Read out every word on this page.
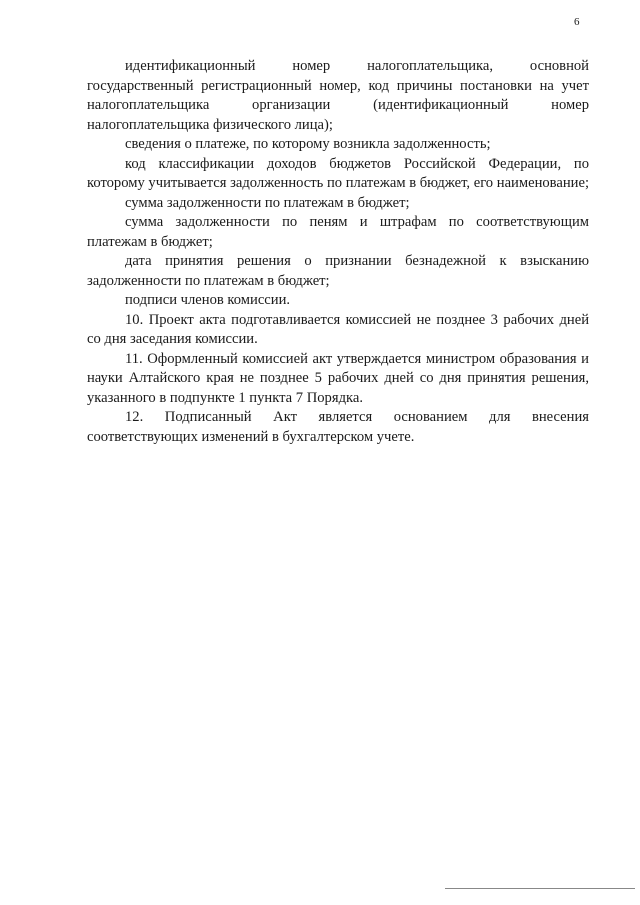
6

идентификационный номер налогоплательщика, основной государственный регистрационный номер, код причины постановки на учет налогоплательщика организации (идентификационный номер налогоплательщика физического лица);

сведения о платеже, по которому возникла задолженность;

код классификации доходов бюджетов Российской Федерации, по которому учитывается задолженность по платежам в бюджет, его наименование;

сумма задолженности по платежам в бюджет;

сумма задолженности по пеням и штрафам по соответствующим платежам в бюджет;

дата принятия решения о признании безнадежной к взысканию задолженности по платежам в бюджет;

подписи членов комиссии.

10. Проект акта подготавливается комиссией не позднее 3 рабочих дней со дня заседания комиссии.

11. Оформленный комиссией акт утверждается министром образования и науки Алтайского края не позднее 5 рабочих дней со дня принятия решения, указанного в подпункте 1 пункта 7 Порядка.

12. Подписанный Акт является основанием для внесения соответствующих изменений в бухгалтерском учете.
